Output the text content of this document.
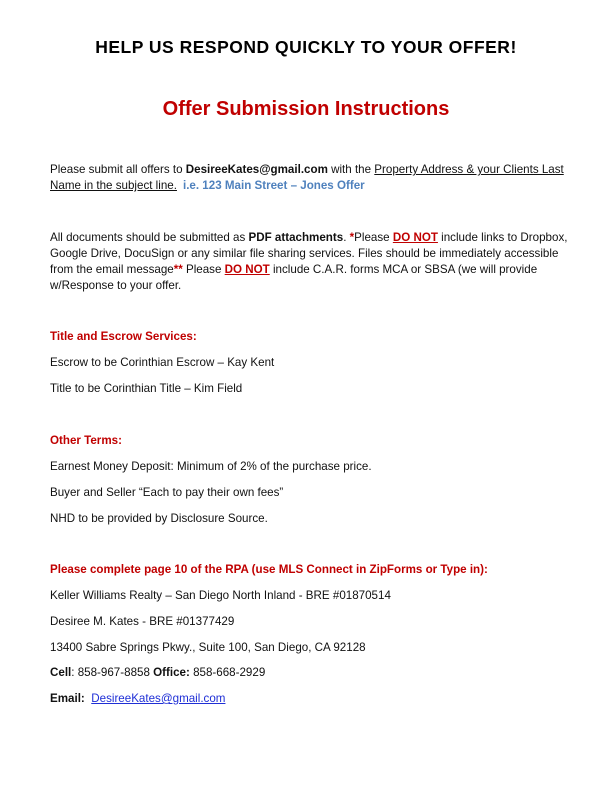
HELP US RESPOND QUICKLY TO YOUR OFFER!
Offer Submission Instructions
Please submit all offers to DesireeKates@gmail.com with the Property Address & your Clients Last Name in the subject line. i.e. 123 Main Street – Jones Offer
All documents should be submitted as PDF attachments. *Please DO NOT include links to Dropbox, Google Drive, DocuSign or any similar file sharing services. Files should be immediately accessible from the email message** Please DO NOT include C.A.R. forms MCA or SBSA (we will provide w/Response to your offer.
Title and Escrow Services:
Escrow to be Corinthian Escrow – Kay Kent
Title to be Corinthian Title – Kim Field
Other Terms:
Earnest Money Deposit: Minimum of 2% of the purchase price.
Buyer and Seller “Each to pay their own fees”
NHD to be provided by Disclosure Source.
Please complete page 10 of the RPA (use MLS Connect in ZipForms or Type in):
Keller Williams Realty – San Diego North Inland - BRE #01870514
Desiree M. Kates - BRE #01377429
13400 Sabre Springs Pkwy., Suite 100, San Diego, CA 92128
Cell: 858-967-8858 Office: 858-668-2929
Email: DesireeKates@gmail.com
